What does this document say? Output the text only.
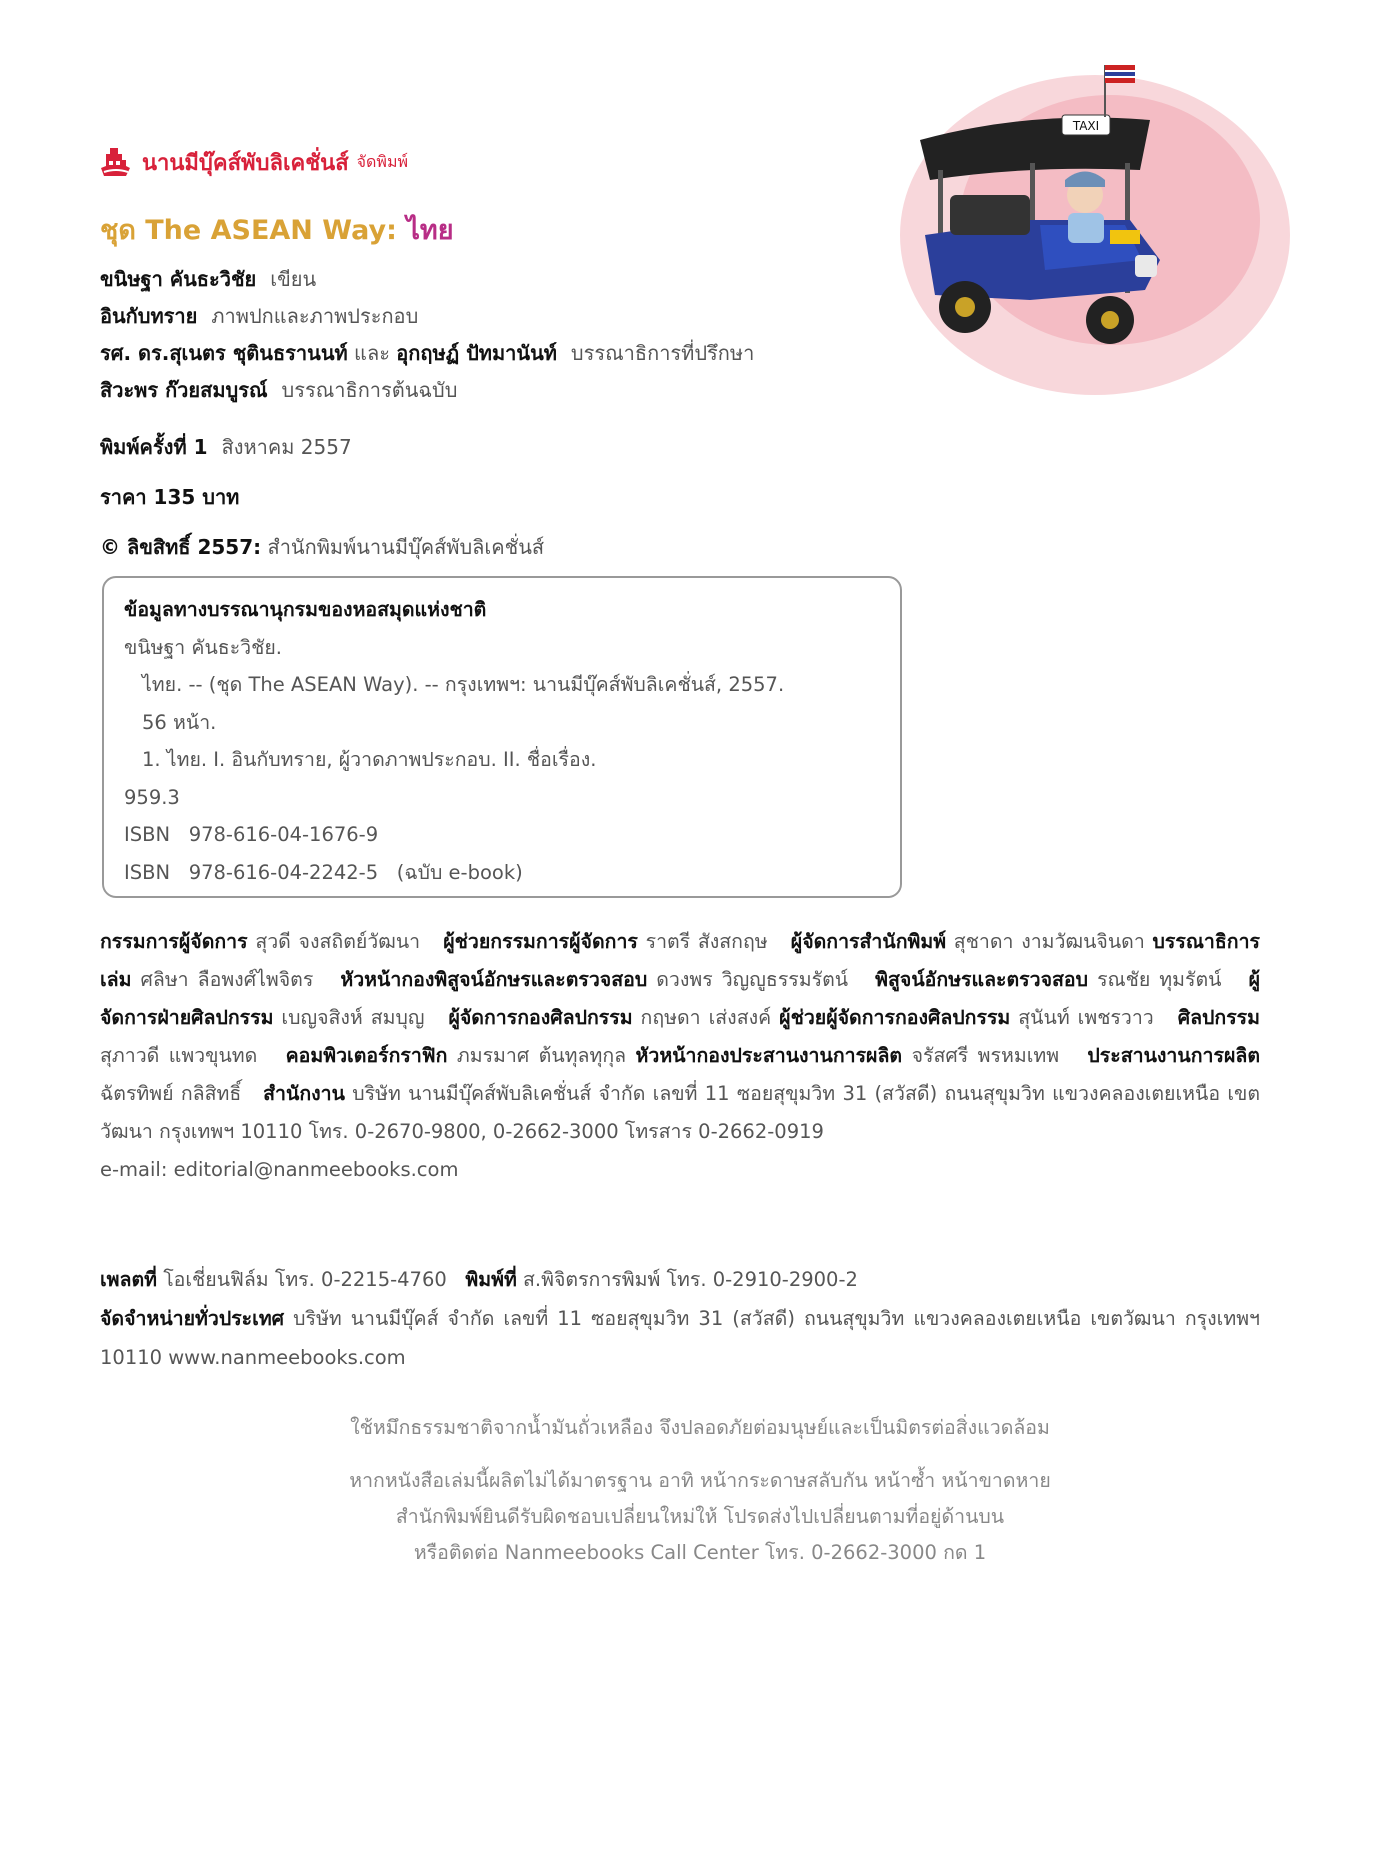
นานมีบุ๊คส์พับลิเคชั่นส์ จัดพิมพ์
ชุด The ASEAN Way: ไทย
ขนิษฐา คันธะวิชัย เขียน
อินกับทราย ภาพปกและภาพประกอบ
รศ. ดร.สุเนตร ชุตินธรานนท์ และ อุกฤษฏ์ ปัทมานันท์ บรรณาธิการที่ปรึกษา
สิวะพร ก๊วยสมบูรณ์ บรรณาธิการต้นฉบับ
พิมพ์ครั้งที่ 1 สิงหาคม 2557
ราคา 135 บาท
© ลิขสิทธิ์ 2557: สำนักพิมพ์นานมีบุ๊คส์พับลิเคชั่นส์
ข้อมูลทางบรรณานุกรมของหอสมุดแห่งชาติ
ขนิษฐา คันธะวิชัย.
ไทย. -- (ชุด The ASEAN Way). -- กรุงเทพฯ: นานมีบุ๊คส์พับลิเคชั่นส์, 2557.
56 หน้า.
1. ไทย. I. อินกับทราย, ผู้วาดภาพประกอบ. II. ชื่อเรื่อง.
959.3
ISBN   978-616-04-1676-9
ISBN   978-616-04-2242-5   (ฉบับ e-book)
กรรมการผู้จัดการ สุวดี จงสถิตย์วัฒนา ผู้ช่วยกรรมการผู้จัดการ ราตรี สังสกฤษ ผู้จัดการสำนักพิมพ์ สุชาดา งามวัฒนจินดา บรรณาธิการเล่ม ศลิษา ลือพงศ์ไพจิตร หัวหน้ากองพิสูจน์อักษรและตรวจสอบ ดวงพร วิญญูธรรมรัตน์ พิสูจน์อักษรและตรวจสอบ รณชัย ทุมรัตน์ ผู้จัดการฝ่ายศิลปกรรม เบญจสิงห์ สมบุญ ผู้จัดการกองศิลปกรรม กฤษดา เส่งสงค์ ผู้ช่วยผู้จัดการกองศิลปกรรม สุนันท์ เพชรวาว ศิลปกรรม สุภาวดี แพวขุนทด คอมพิวเตอร์กราฟิก ภมรมาศ ต้นทุลทุกุล หัวหน้ากองประสานงานการผลิต จรัสศรี พรหมเทพ ประสานงานการผลิต ฉัตรทิพย์ กลิสิทธิ์ สำนักงาน บริษัท นานมีบุ๊คส์พับลิเคชั่นส์ จำกัด เลขที่ 11 ซอยสุขุมวิท 31 (สวัสดี) ถนนสุขุมวิท แขวงคลองเตยเหนือ เขตวัฒนา กรุงเทพฯ 10110 โทร. 0-2670-9800, 0-2662-3000 โทรสาร 0-2662-0919
e-mail: editorial@nanmeebooks.com
เพลตที่ โอเชี่ยนฟิล์ม โทร. 0-2215-4760 พิมพ์ที่ ส.พิจิตรการพิมพ์ โทร. 0-2910-2900-2
จัดจำหน่ายทั่วประเทศ บริษัท นานมีบุ๊คส์ จำกัด เลขที่ 11 ซอยสุขุมวิท 31 (สวัสดี) ถนนสุขุมวิท แขวงคลองเตยเหนือ เขตวัฒนา กรุงเทพฯ 10110 www.nanmeebooks.com
ใช้หมึกธรรมชาติจากน้ำมันถั่วเหลือง จึงปลอดภัยต่อมนุษย์และเป็นมิตรต่อสิ่งแวดล้อม
หากหนังสือเล่มนี้ผลิตไม่ได้มาตรฐาน อาทิ หน้ากระดาษสลับกัน หน้าซ้ำ หน้าขาดหาย
สำนักพิมพ์ยินดีรับผิดชอบเปลี่ยนใหม่ให้ โปรดส่งไปเปลี่ยนตามที่อยู่ด้านบน
หรือติดต่อ Nanmeebooks Call Center โทร. 0-2662-3000 กด 1
TAXI
